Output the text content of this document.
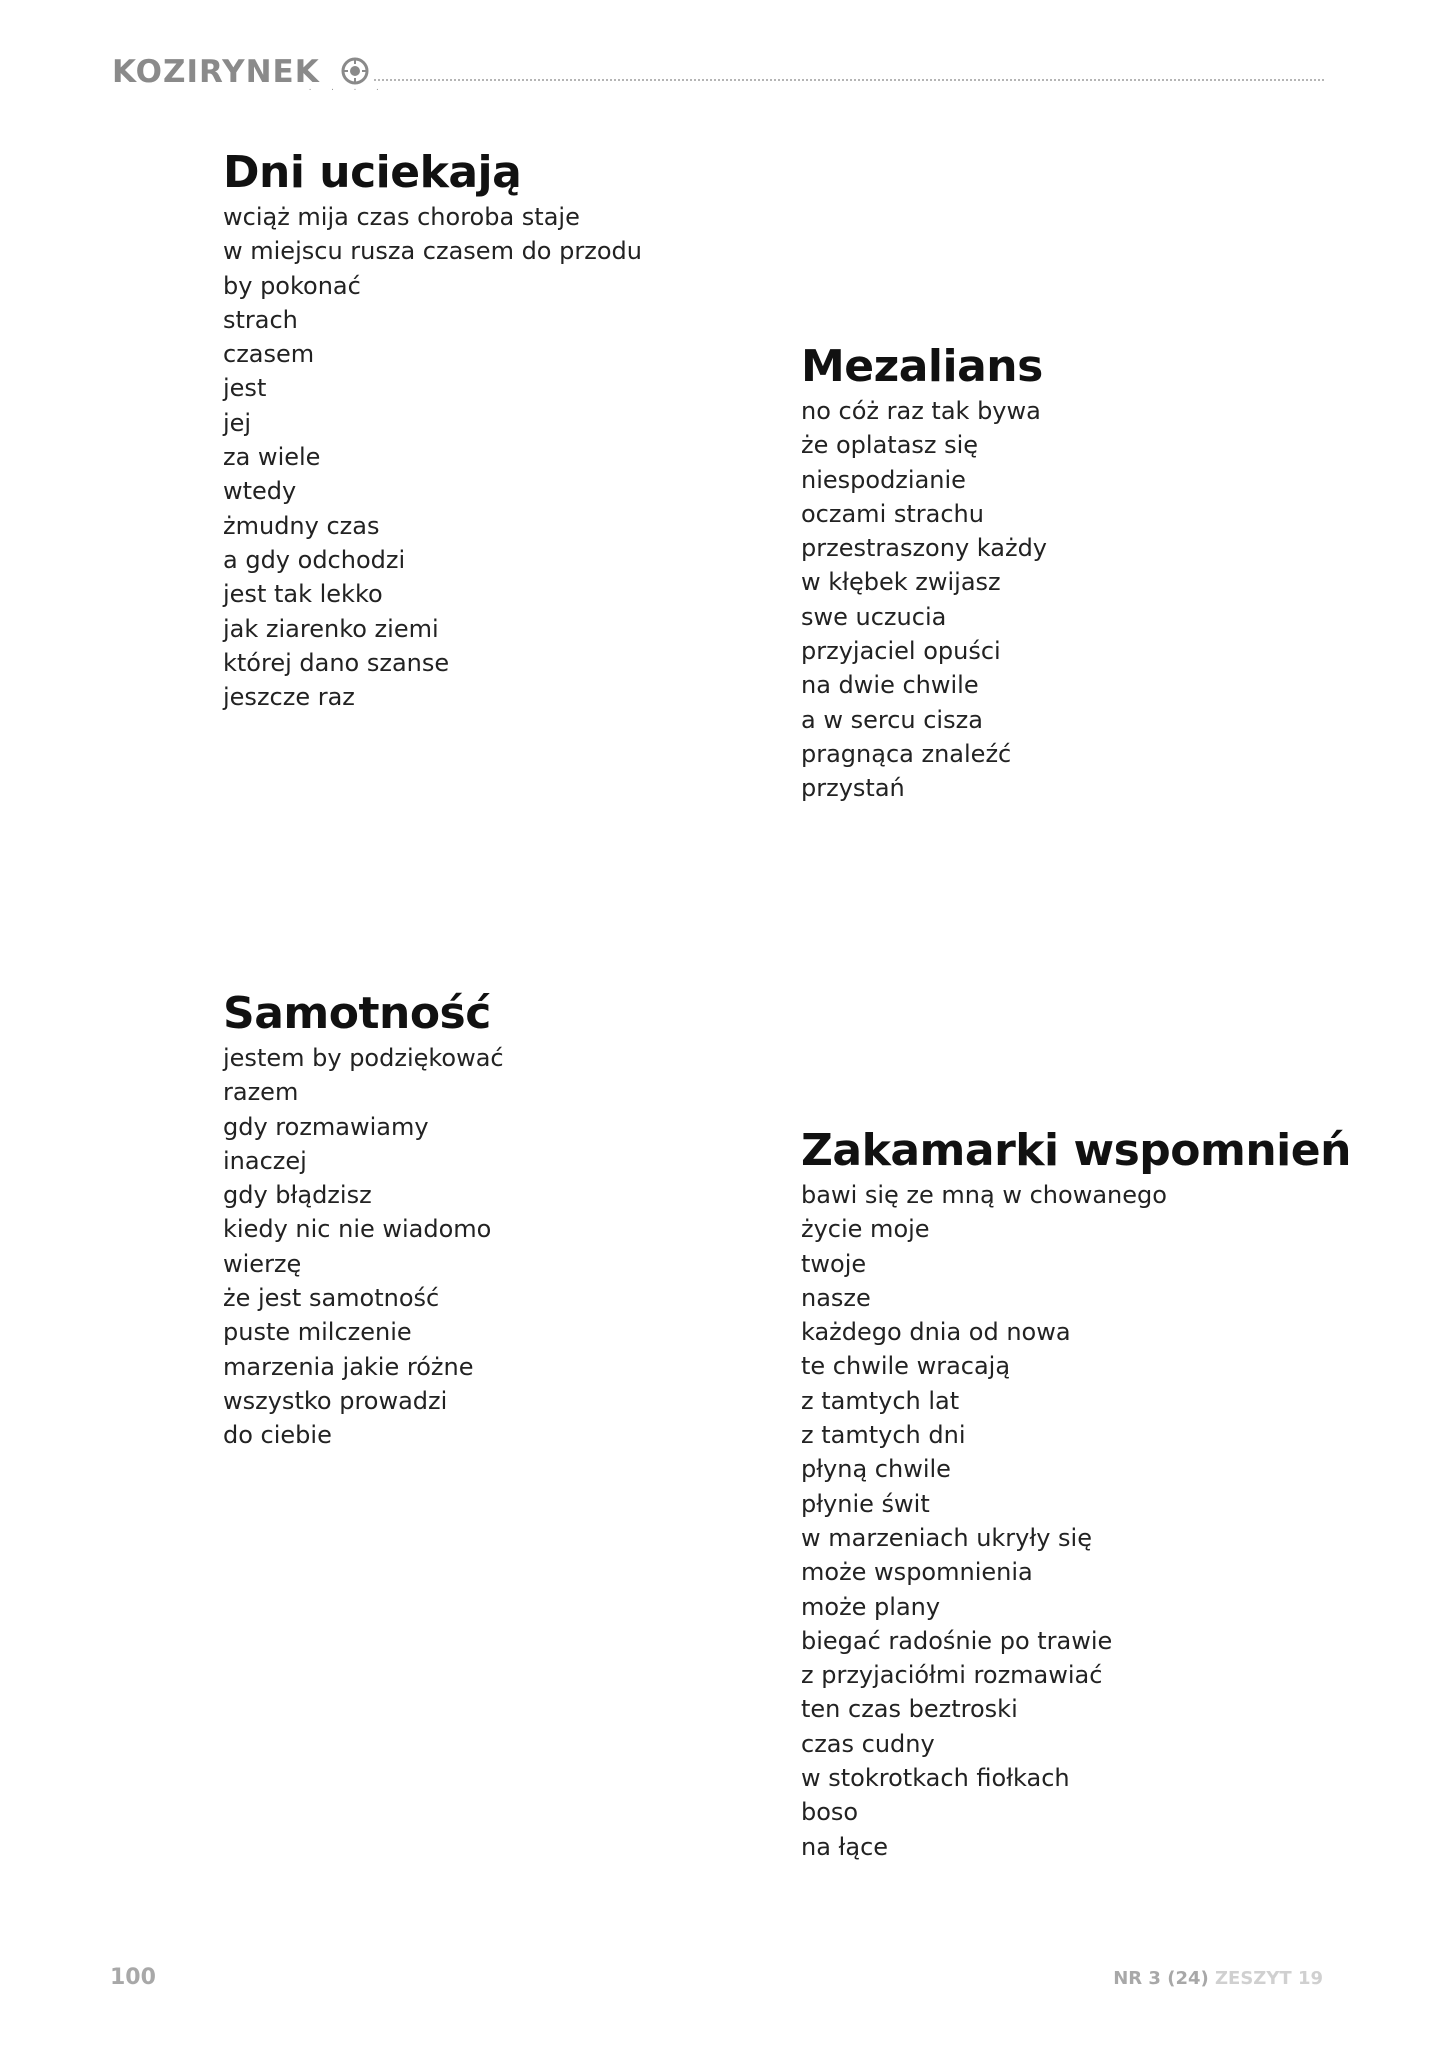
KOZIRYNEK
· · · ·
Dni uciekają
wciąż mija czas choroba staje
w miejscu rusza czasem do przodu
by pokonać
strach
czasem
jest
jej
za wiele
wtedy
żmudny czas
a gdy odchodzi
jest tak lekko
jak ziarenko ziemi
której dano szanse
jeszcze raz
Mezalians
no cóż raz tak bywa
że oplatasz się
niespodzianie
oczami strachu
przestraszony każdy
w kłębek zwijasz
swe uczucia
przyjaciel opuści
na dwie chwile
a w sercu cisza
pragnąca znaleźć
przystań
Samotność
jestem by podziękować
razem
gdy rozmawiamy
inaczej
gdy błądzisz
kiedy nic nie wiadomo
wierzę
że jest samotność
puste milczenie
marzenia jakie różne
wszystko prowadzi
do ciebie
Zakamarki wspomnień
bawi się ze mną w chowanego
życie moje
twoje
nasze
każdego dnia od nowa
te chwile wracają
z tamtych lat
z tamtych dni
płyną chwile
płynie świt
w marzeniach ukryły się
może wspomnienia
może plany
biegać radośnie po trawie
z przyjaciółmi rozmawiać
ten czas beztroski
czas cudny
w stokrotkach fiołkach
boso
na łące
100	NR 3 (24) ZESZYT 19
